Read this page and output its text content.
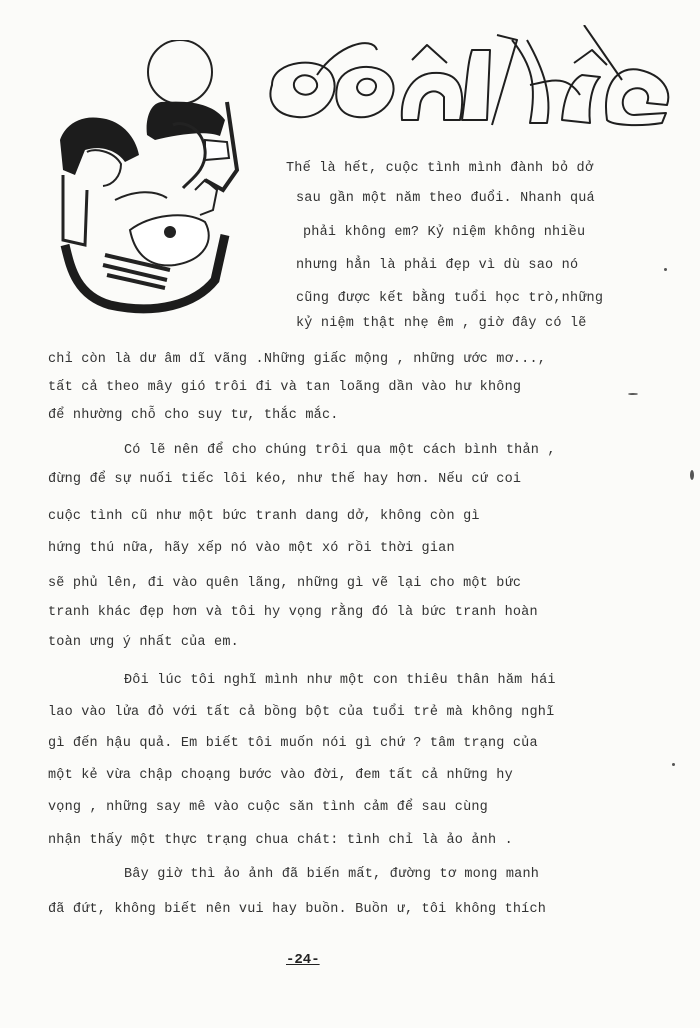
Thế là hết, cuộc tình mình đành bỏ dở
sau gần một năm theo đuổi. Nhanh quá
phải không em? Kỷ niệm không nhiều
nhưng hẳn là phải đẹp vì dù sao nó
cũng được kết bằng tuổi học trò,những
kỷ niệm thật nhẹ êm , giờ đây có lẽ
chỉ còn là dư âm dĩ vãng .Những giấc mộng , những ước mơ...,
tất cả theo mây gió trôi đi và tan loãng dần vào hư không
để nhường chỗ cho suy tư, thắc mắc.
Có lẽ nên để cho chúng trôi qua một cách bình thản ,
đừng để sự nuối tiếc lôi kéo, như thế hay hơn. Nếu cứ coi
cuộc tình cũ như một bức tranh dang dở, không còn gì
hứng thú nữa, hãy xếp nó vào một xó rồi thời gian
sẽ phủ lên, đi vào quên lãng, những gì vẽ lại cho một bức
tranh khác đẹp hơn và tôi hy vọng rằng đó là bức tranh hoàn
toàn ưng ý nhất của em.
Đôi lúc tôi nghĩ mình như một con thiêu thân hăm hái
lao vào lửa đỏ với tất cả bồng bột của tuổi trẻ mà không nghĩ
gì đến hậu quả. Em biết tôi muốn nói gì chứ ? tâm trạng của
một kẻ vừa chập choạng bước vào đời, đem tất cả những hy
vọng , những say mê vào cuộc săn tình cảm để sau cùng
nhận thấy một thực trạng chua chát: tình chỉ là ảo ảnh .
Bây giờ thì ảo ảnh đã biến mất, đường tơ mong manh
đã đứt, không biết nên vui hay buồn. Buồn ư, tôi không thích
-24-
